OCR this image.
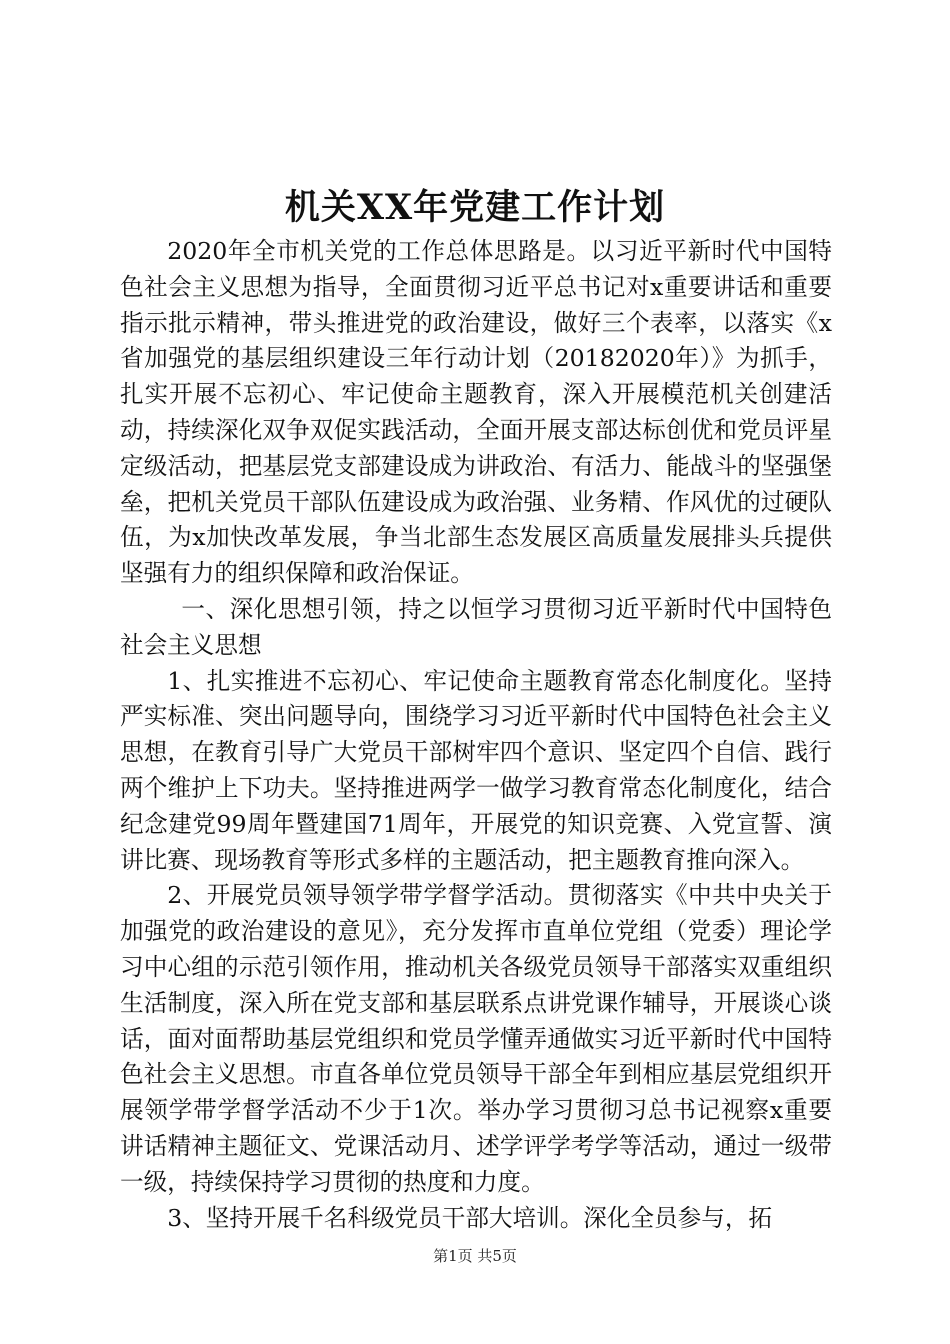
机关XX年党建工作计划

2020年全市机关党的工作总体思路是。以习近平新时代中国特色社会主义思想为指导，全面贯彻习近平总书记对x重要讲话和重要指示批示精神，带头推进党的政治建设，做好三个表率，以落实《x省加强党的基层组织建设三年行动计划（20182020年）》为抓手，扎实开展不忘初心、牢记使命主题教育，深入开展模范机关创建活动，持续深化双争双促实践活动，全面开展支部达标创优和党员评星定级活动，把基层党支部建设成为讲政治、有活力、能战斗的坚强堡垒，把机关党员干部队伍建设成为政治强、业务精、作风优的过硬队伍，为x加快改革发展，争当北部生态发展区高质量发展排头兵提供坚强有力的组织保障和政治保证。

一、深化思想引领，持之以恒学习贯彻习近平新时代中国特色社会主义思想

1、扎实推进不忘初心、牢记使命主题教育常态化制度化。坚持严实标准、突出问题导向，围绕学习习近平新时代中国特色社会主义思想，在教育引导广大党员干部树牢四个意识、坚定四个自信、践行两个维护上下功夫。坚持推进两学一做学习教育常态化制度化，结合纪念建党99周年暨建国71周年，开展党的知识竞赛、入党宣誓、演讲比赛、现场教育等形式多样的主题活动，把主题教育推向深入。

2、开展党员领导领学带学督学活动。贯彻落实《中共中央关于加强党的政治建设的意见》，充分发挥市直单位党组（党委）理论学习中心组的示范引领作用，推动机关各级党员领导干部落实双重组织生活制度，深入所在党支部和基层联系点讲党课作辅导，开展谈心谈话，面对面帮助基层党组织和党员学懂弄通做实习近平新时代中国特色社会主义思想。市直各单位党员领导干部全年到相应基层党组织开展领学带学督学活动不少于1次。举办学习贯彻习总书记视察x重要讲话精神主题征文、党课活动月、述学评学考学等活动，通过一级带一级，持续保持学习贯彻的热度和力度。

3、坚持开展千名科级党员干部大培训。深化全员参与，拓

第1页 共5页
